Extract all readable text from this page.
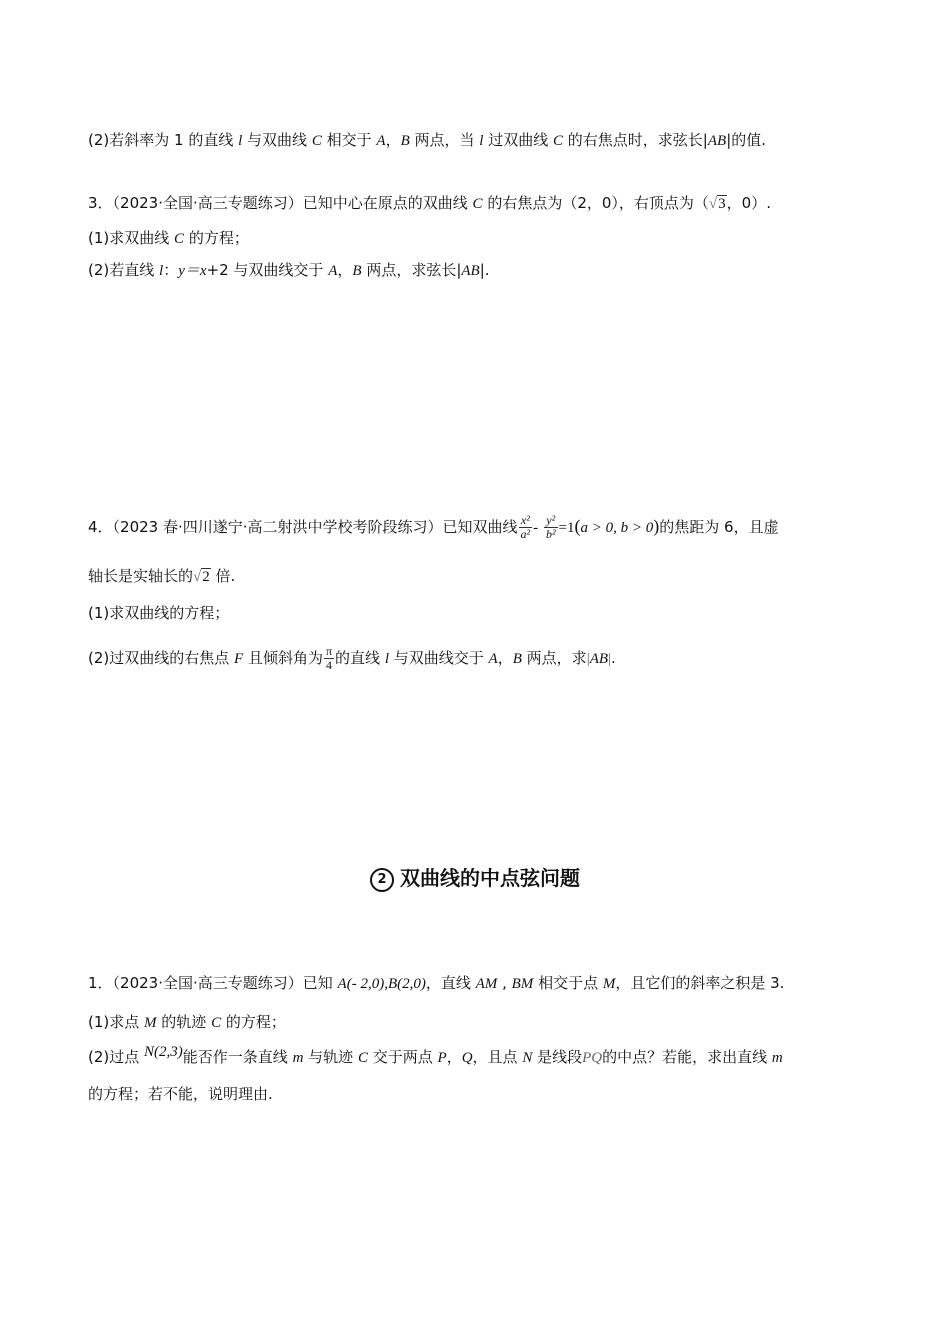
(2)若斜率为 1 的直线 l 与双曲线 C 相交于 A，B 两点，当 l 过双曲线 C 的右焦点时，求弦长|AB|的值.
3．（2023·全国·高三专题练习）已知中心在原点的双曲线 C 的右焦点为（2，0），右顶点为（√3，0）.
(1)求双曲线 C 的方程；
(2)若直线 l：y＝x+2 与双曲线交于 A，B 两点，求弦长|AB|.
4．（2023 春·四川遂宁·高二射洪中学校考阶段练习）已知双曲线 $\frac{\text{x²}}{\text{a²}} - \frac{\text{y²}}{\text{b²}} =1(a > 0$, b > 0)的焦距为 6，且虚
轴长是实轴长的√2 倍.
(1)求双曲线的方程；
(2)过双曲线的右焦点 F 且倾斜角为 $\frac{\pi}{4}$ 的直线 l 与双曲线交于 A，B 两点，求|AB|.
2 双曲线的中点弦问题
1．（2023·全国·高三专题练习）已知 A(- 2,0),B(2,0)，直线 AM , BM 相交于点 M，且它们的斜率之积是 3.
(1)求点 M 的轨迹 C 的方程；
(2)过点 N(2,3)能否作一条直线 m 与轨迹 C 交于两点 P，Q，且点 N 是线段PQ的中点？若能，求出直线 m
的方程；若不能，说明理由.
